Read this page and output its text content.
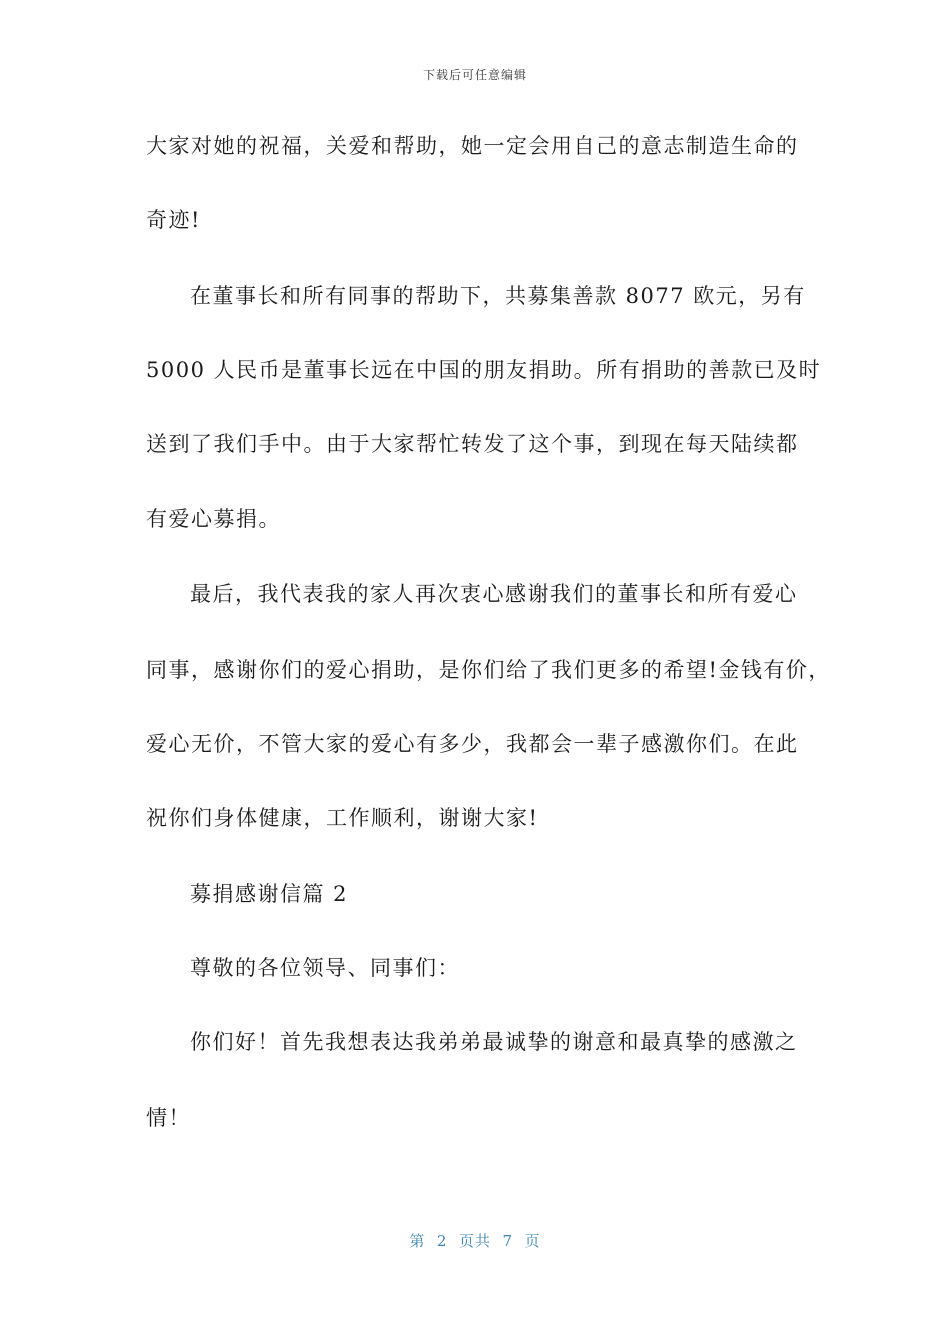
下载后可任意编辑
大家对她的祝福，关爱和帮助，她一定会用自己的意志制造生命的
奇迹!
在董事长和所有同事的帮助下，共募集善款 8077 欧元，另有
5000 人民币是董事长远在中国的朋友捐助。所有捐助的善款已及时
送到了我们手中。由于大家帮忙转发了这个事，到现在每天陆续都
有爱心募捐。
最后，我代表我的家人再次衷心感谢我们的董事长和所有爱心
同事，感谢你们的爱心捐助，是你们给了我们更多的希望!金钱有价，
爱心无价，不管大家的爱心有多少，我都会一辈子感激你们。在此
祝你们身体健康，工作顺利，谢谢大家!
募捐感谢信篇 2
尊敬的各位领导、同事们：
你们好！首先我想表达我弟弟最诚挚的谢意和最真挚的感激之
情！
第  2  页共  7  页
